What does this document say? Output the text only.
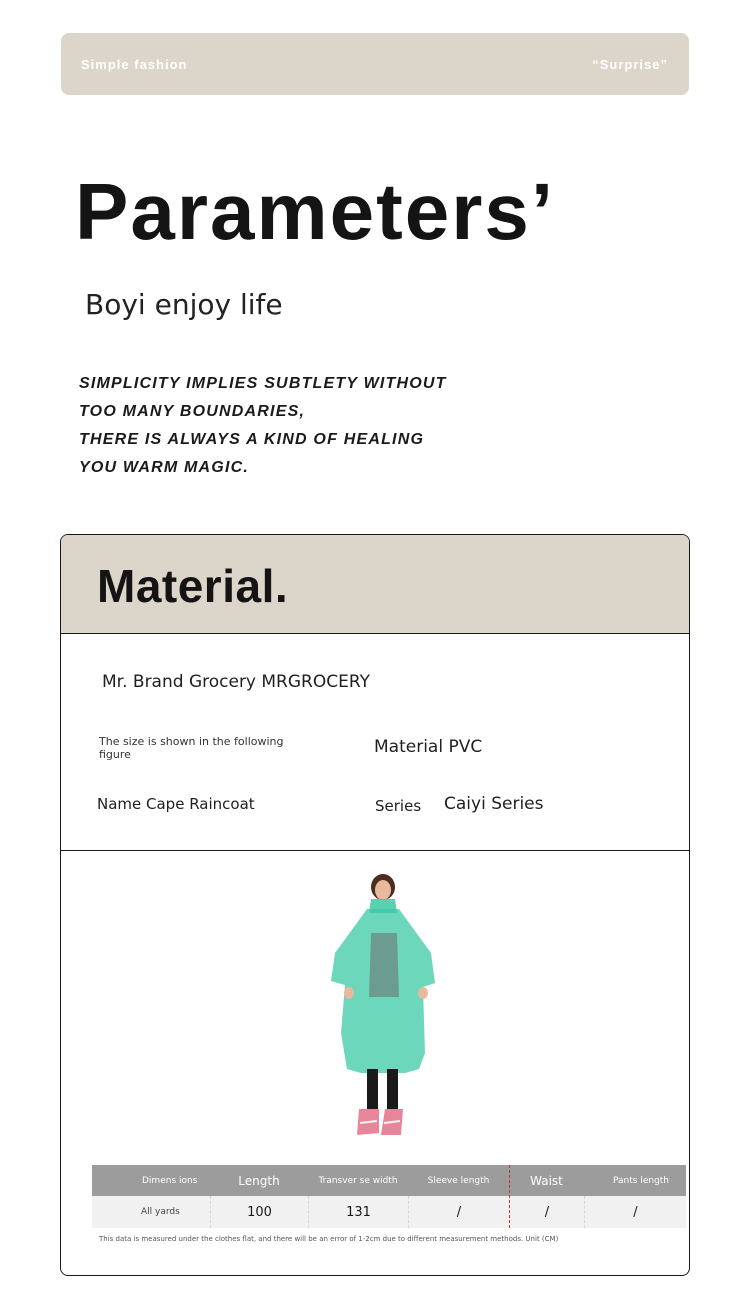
Simple fashion	“Surprise”
Parameters’
Boyi enjoy life
SIMPLICITY IMPLIES SUBTLETY WITHOUT
TOO MANY BOUNDARIES,
THERE IS ALWAYS A KIND OF HEALING
YOU WARM MAGIC.
Material.
Mr. Brand Grocery MRGROCERY
The size is shown in the following figure	Material PVC
Name Cape Raincoat	Series Caiyi Series
Dimens ions	Length	Transver se width	Sleeve length	Waist	Pants length
All yards	100	131	/	/	/
This data is measured under the clothes flat, and there will be an error of 1-2cm due to different measurement methods. Unit (CM)
